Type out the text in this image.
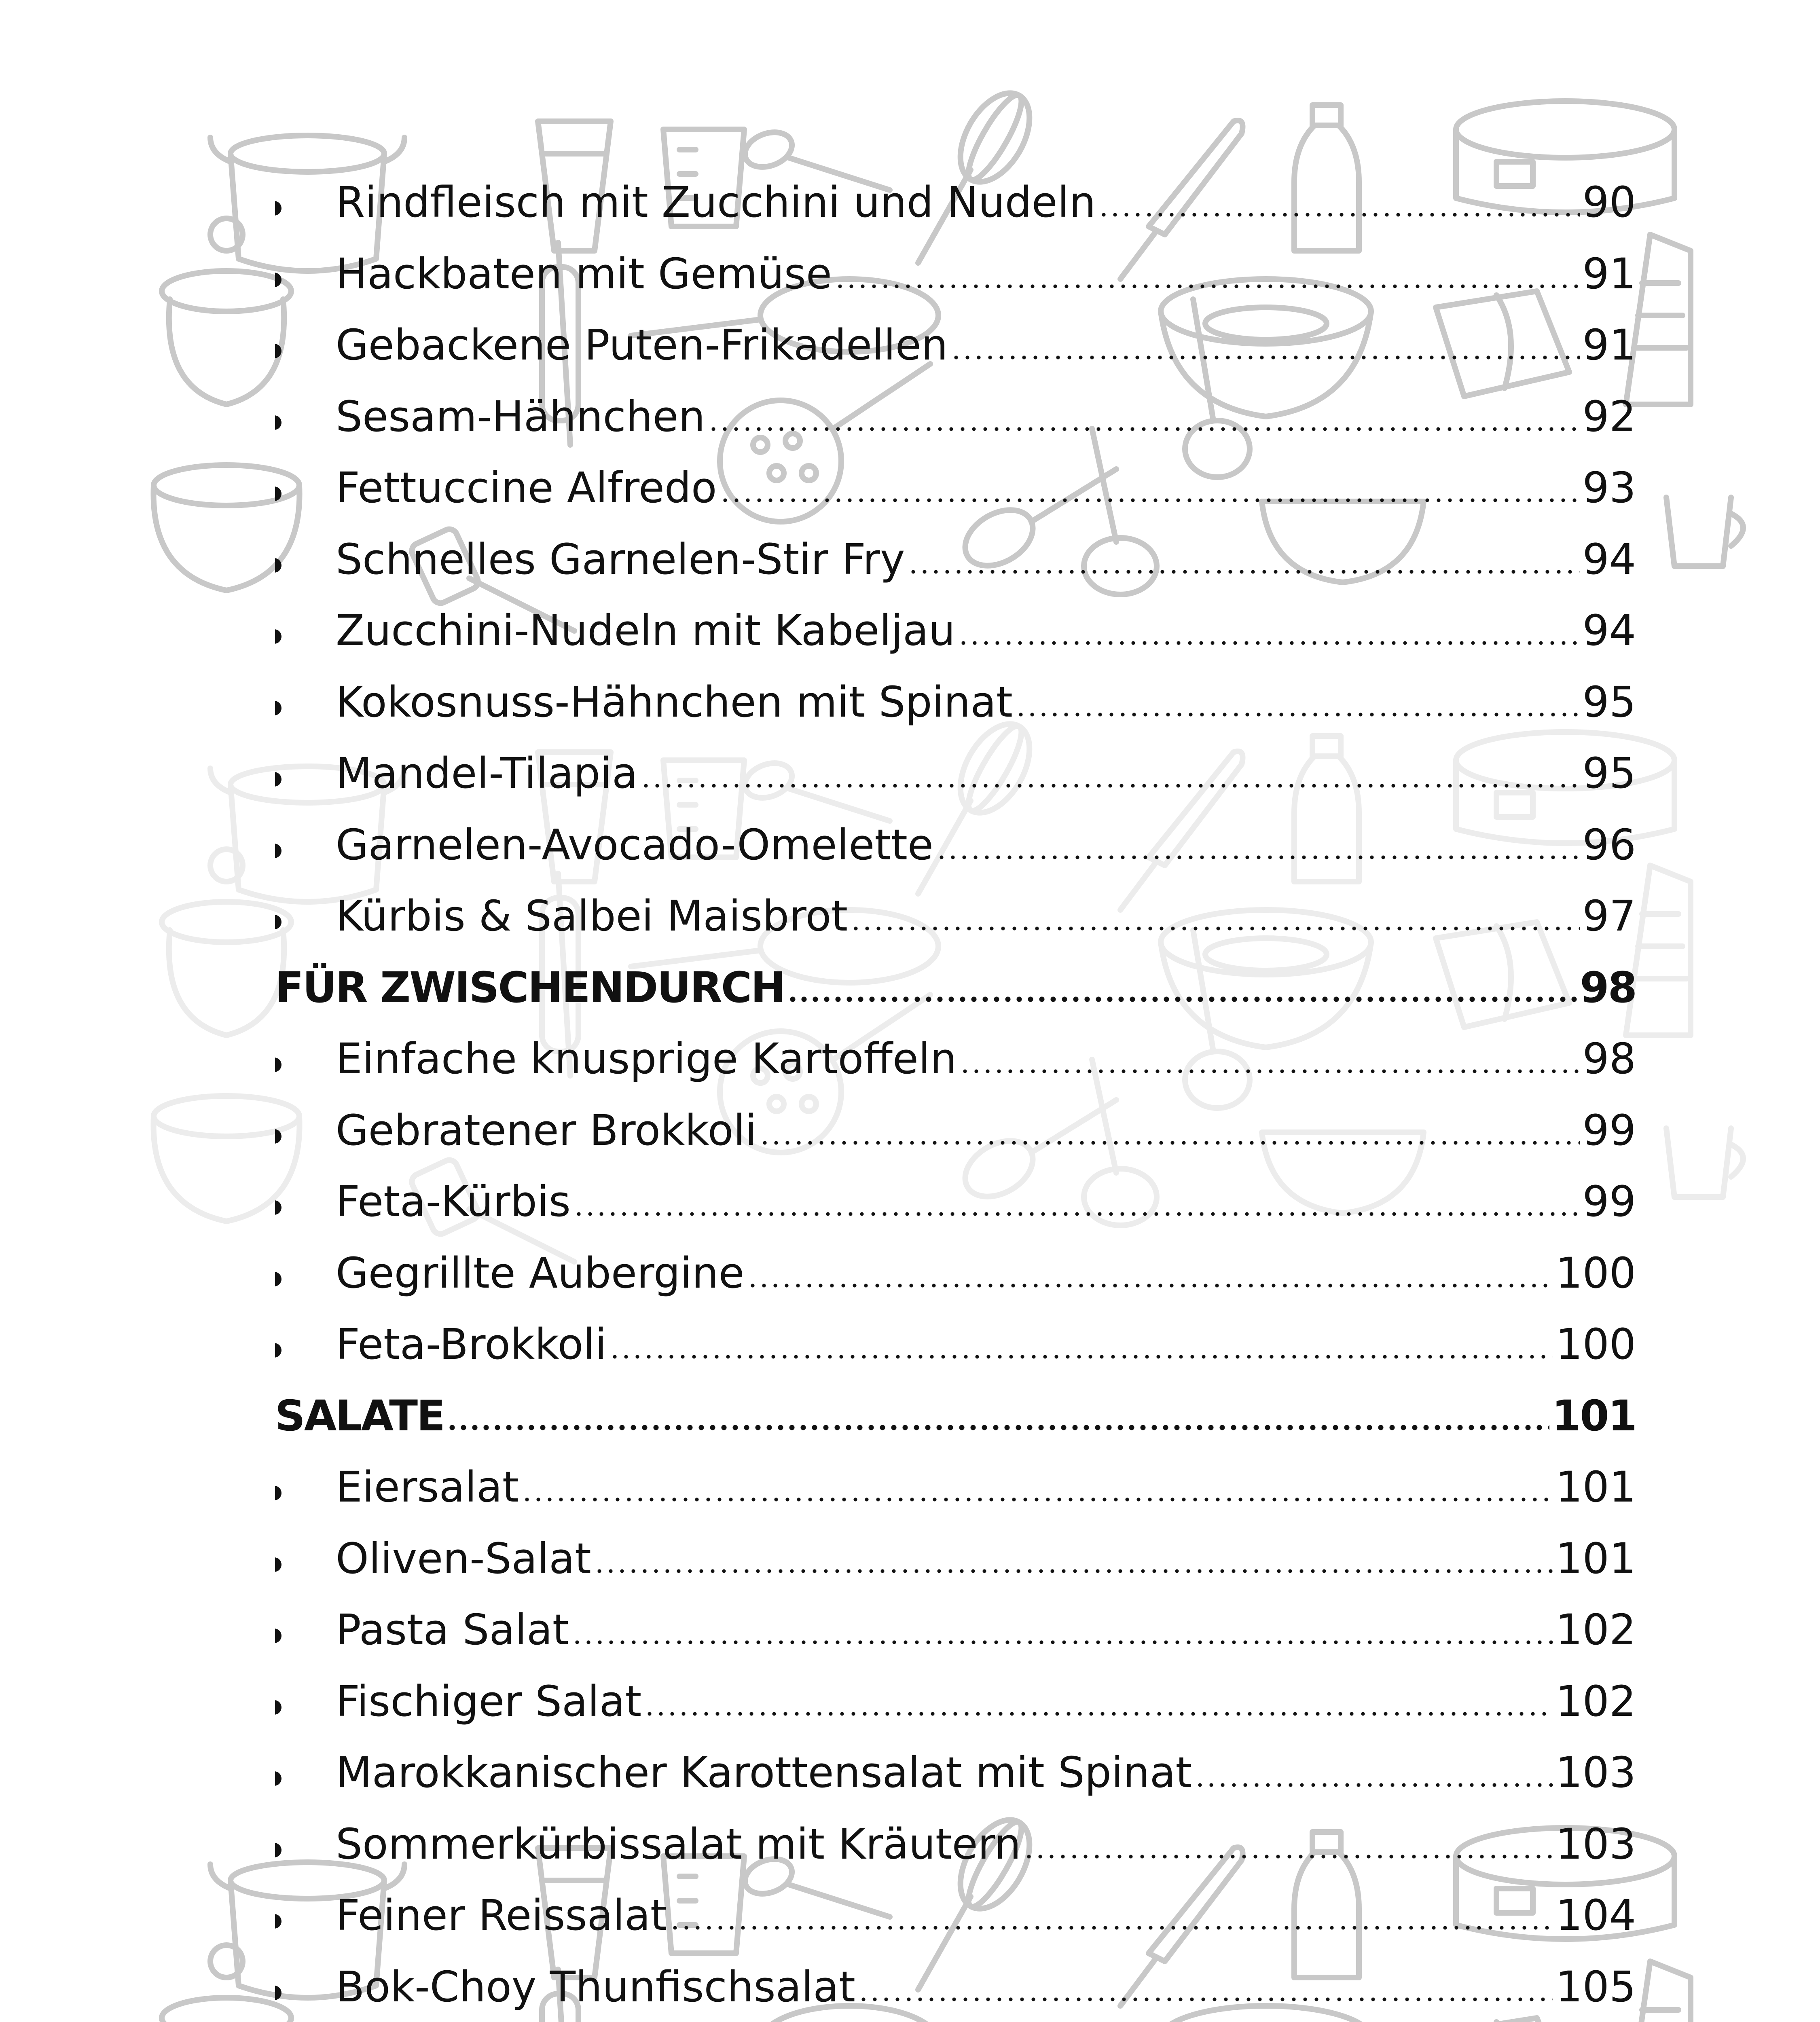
Rindfleisch mit Zucchini und Nudeln	90
Hackbaten mit Gemüse	91
Gebackene Puten-Frikadellen	91
Sesam-Hähnchen	92
Fettuccine Alfredo	93
Schnelles Garnelen-Stir Fry	94
Zucchini-Nudeln mit Kabeljau	94
Kokosnuss-Hähnchen mit Spinat	95
Mandel-Tilapia	95
Garnelen-Avocado-Omelette	96
Kürbis & Salbei Maisbrot	97
FÜR ZWISCHENDURCH	98
Einfache knusprige Kartoffeln	98
Gebratener Brokkoli	99
Feta-Kürbis	99
Gegrillte Aubergine	100
Feta-Brokkoli	100
SALATE	101
Eiersalat	101
Oliven-Salat	101
Pasta Salat	102
Fischiger Salat	102
Marokkanischer Karottensalat mit Spinat	103
Sommerkürbissalat mit Kräutern	103
Feiner Reissalat	104
Bok-Choy Thunfischsalat	105
